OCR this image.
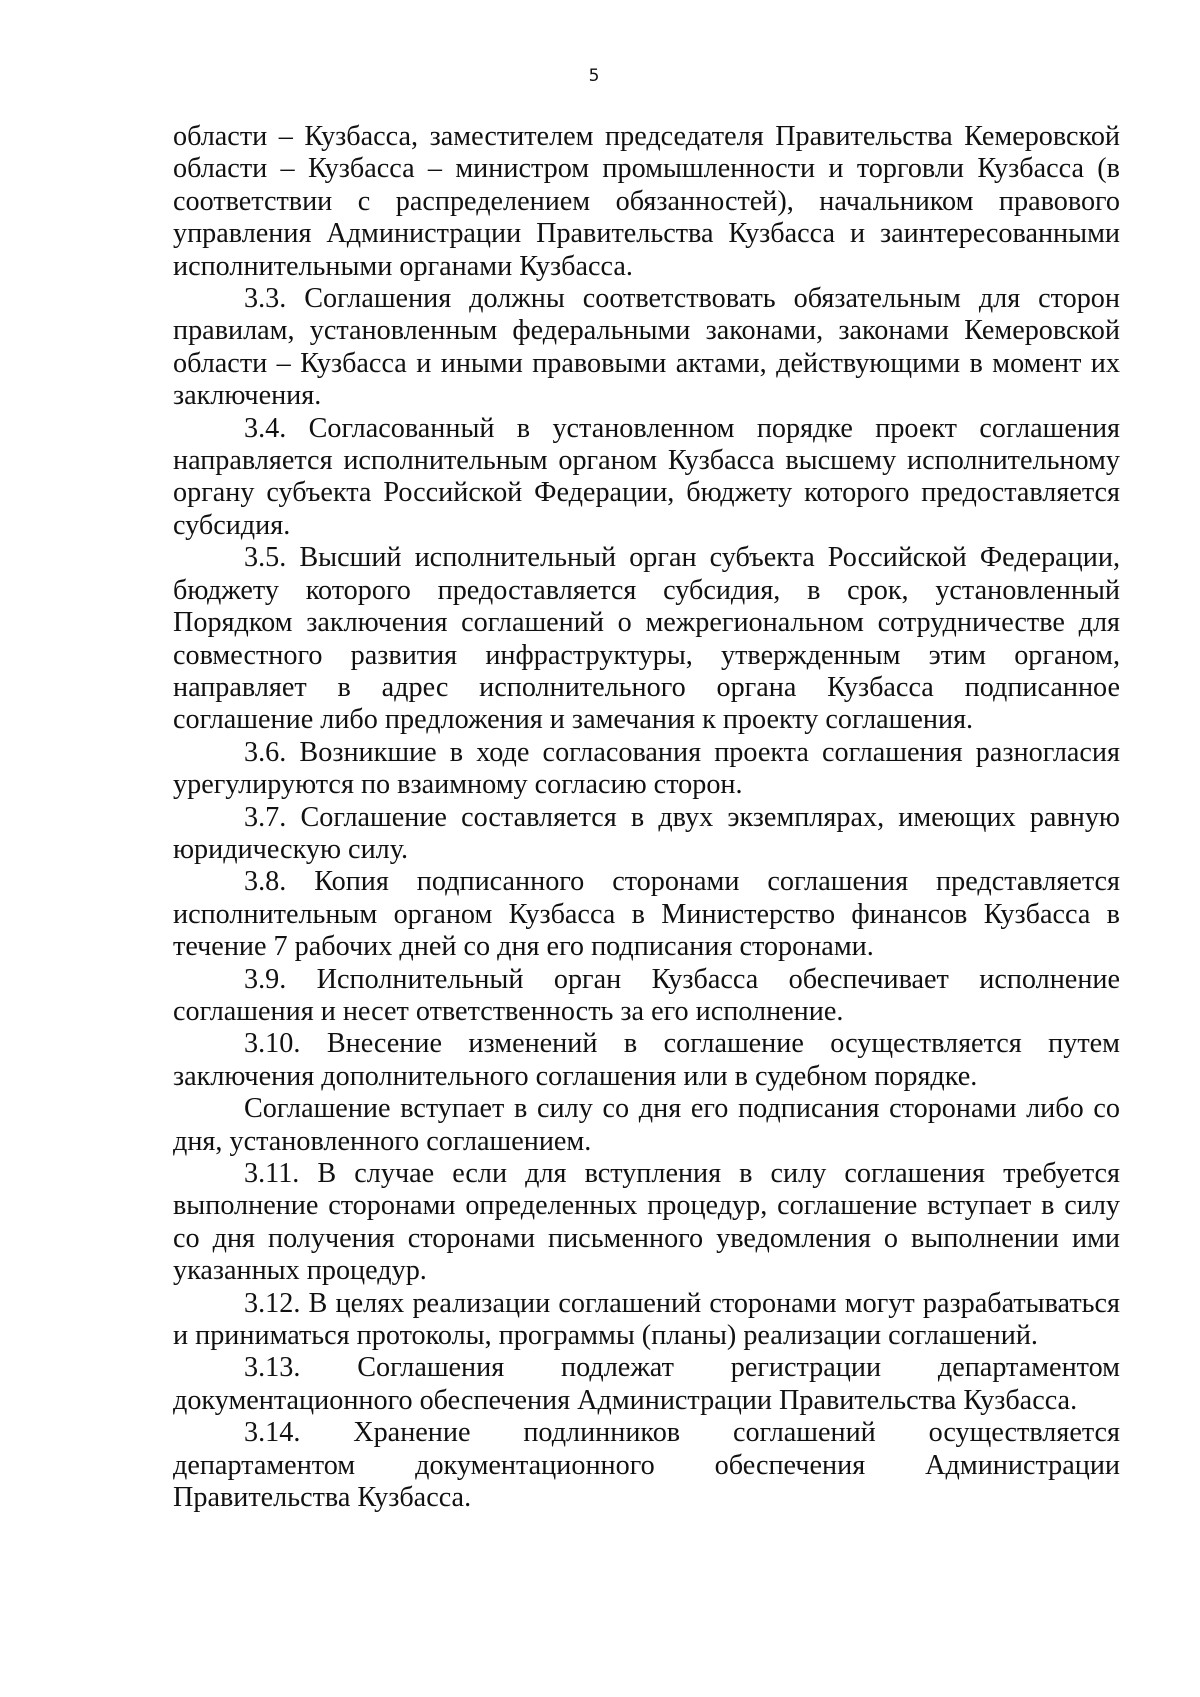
5

области – Кузбасса, заместителем председателя Правительства Кемеровской области – Кузбасса – министром промышленности и торговли Кузбасса (в соответствии с распределением обязанностей), начальником правового управления Администрации Правительства Кузбасса и заинтересованными исполнительными органами Кузбасса.

3.3. Соглашения должны соответствовать обязательным для сторон правилам, установленным федеральными законами, законами Кемеровской области – Кузбасса и иными правовыми актами, действующими в момент их заключения.

3.4. Согласованный в установленном порядке проект соглашения направляется исполнительным органом Кузбасса высшему исполнительному органу субъекта Российской Федерации, бюджету которого предоставляется субсидия.

3.5. Высший исполнительный орган субъекта Российской Федерации, бюджету которого предоставляется субсидия, в срок, установленный Порядком заключения соглашений о межрегиональном сотрудничестве для совместного развития инфраструктуры, утвержденным этим органом, направляет в адрес исполнительного органа Кузбасса подписанное соглашение либо предложения и замечания к проекту соглашения.

3.6. Возникшие в ходе согласования проекта соглашения разногласия урегулируются по взаимному согласию сторон.

3.7. Соглашение составляется в двух экземплярах, имеющих равную юридическую силу.

3.8. Копия подписанного сторонами соглашения представляется исполнительным органом Кузбасса в Министерство финансов Кузбасса в течение 7 рабочих дней со дня его подписания сторонами.

3.9. Исполнительный орган Кузбасса обеспечивает исполнение соглашения и несет ответственность за его исполнение.

3.10. Внесение изменений в соглашение осуществляется путем заключения дополнительного соглашения или в судебном порядке.

Соглашение вступает в силу со дня его подписания сторонами либо со дня, установленного соглашением.

3.11. В случае если для вступления в силу соглашения требуется выполнение сторонами определенных процедур, соглашение вступает в силу со дня получения сторонами письменного уведомления о выполнении ими указанных процедур.

3.12. В целях реализации соглашений сторонами могут разрабатываться и приниматься протоколы, программы (планы) реализации соглашений.

3.13. Соглашения подлежат регистрации департаментом документационного обеспечения Администрации Правительства Кузбасса.

3.14. Хранение подлинников соглашений осуществляется департаментом документационного обеспечения Администрации Правительства Кузбасса.
